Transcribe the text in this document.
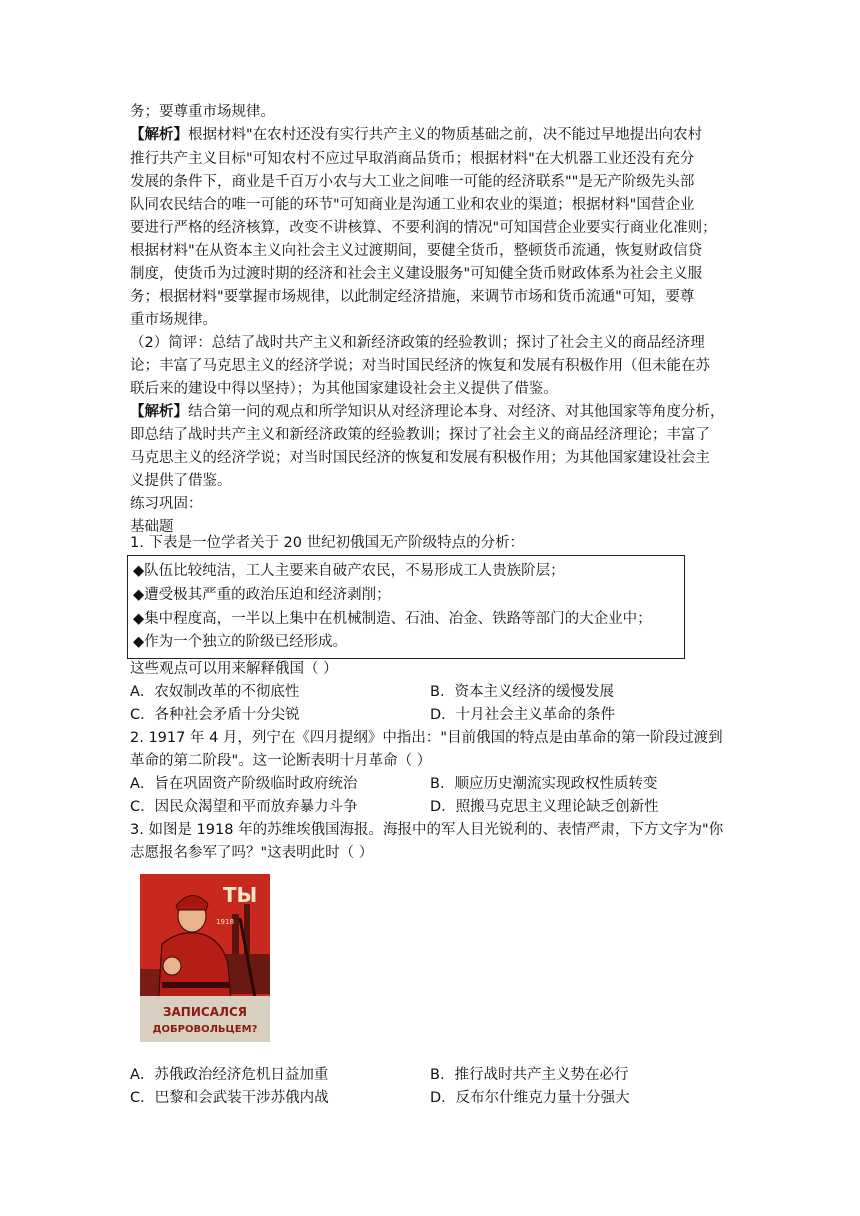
务；要尊重市场规律。
【解析】根据材料"在农村还没有实行共产主义的物质基础之前，决不能过早地提出向农村
推行共产主义目标"可知农村不应过早取消商品货币；根据材料"在大机器工业还没有充分
发展的条件下，商业是千百万小农与大工业之间唯一可能的经济联系""是无产阶级先头部
队同农民结合的唯一可能的环节"可知商业是沟通工业和农业的渠道；根据材料"国营企业
要进行严格的经济核算，改变不讲核算、不要利润的情况"可知国营企业要实行商业化准则；
根据材料"在从资本主义向社会主义过渡期间，要健全货币，整顿货币流通，恢复财政信贷
制度，使货币为过渡时期的经济和社会主义建设服务"可知健全货币财政体系为社会主义服
务；根据材料"要掌握市场规律，以此制定经济措施，来调节市场和货币流通"可知，要尊
重市场规律。
（2）简评：总结了战时共产主义和新经济政策的经验教训；探讨了社会主义的商品经济理
论；丰富了马克思主义的经济学说；对当时国民经济的恢复和发展有积极作用（但未能在苏
联后来的建设中得以坚持）；为其他国家建设社会主义提供了借鉴。
【解析】结合第一问的观点和所学知识从对经济理论本身、对经济、对其他国家等角度分析，
即总结了战时共产主义和新经济政策的经验教训；探讨了社会主义的商品经济理论；丰富了
马克思主义的经济学说；对当时国民经济的恢复和发展有积极作用；为其他国家建设社会主
义提供了借鉴。
练习巩固：
基础题
1. 下表是一位学者关于 20 世纪初俄国无产阶级特点的分析：
◆队伍比较纯洁，工人主要来自破产农民，不易形成工人贵族阶层；
◆遭受极其严重的政治压迫和经济剥削；
◆集中程度高，一半以上集中在机械制造、石油、冶金、铁路等部门的大企业中；
◆作为一个独立的阶级已经形成。
这些观点可以用来解释俄国（ ）
A．农奴制改革的不彻底性	B．资本主义经济的缓慢发展
C．各种社会矛盾十分尖锐	D．十月社会主义革命的条件
2. 1917 年 4 月，列宁在《四月提纲》中指出："目前俄国的特点是由革命的第一阶段过渡到
革命的第二阶段"。这一论断表明十月革命（ ）
A．旨在巩固资产阶级临时政府统治	B．顺应历史潮流实现政权性质转变
C．因民众渴望和平而放弃暴力斗争	D．照搬马克思主义理论缺乏创新性
3. 如图是 1918 年的苏维埃俄国海报。海报中的军人目光锐利的、表情严肃，下方文字为"你
志愿报名参军了吗？"这表明此时（ ）
ТЫ
1918
ЗАПИСАЛСЯ
ДОБРОВОЛЬЦЕМ?
A．苏俄政治经济危机日益加重	B．推行战时共产主义势在必行
C．巴黎和会武装干涉苏俄内战	D．反布尔什维克力量十分强大
